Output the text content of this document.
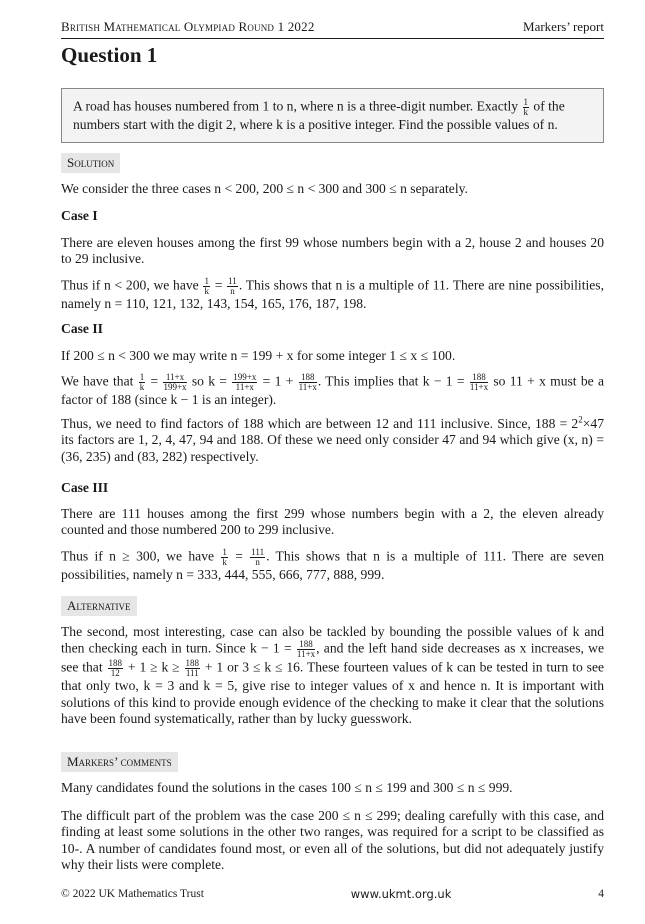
British Mathematical Olympiad Round 1 2022	Markers’ report
Question 1
A road has houses numbered from 1 to n, where n is a three-digit number. Exactly $\frac{1}{k}$ of the numbers start with the digit 2, where k is a positive integer. Find the possible values of n.
Solution
We consider the three cases n < 200, 200 ≤ n < 300 and 300 ≤ n separately.
Case I
There are eleven houses among the first 99 whose numbers begin with a 2, house 2 and houses 20 to 29 inclusive.
Thus if n < 200, we have $\frac{1}{k} = \frac{11}{n}$ . This shows that n is a multiple of 11. There are nine possibilities, namely n = 110, 121, 132, 143, 154, 165, 176, 187, 198.
Case II
If 200 ≤ n < 300 we may write n = 199 + x for some integer 1 ≤ x ≤ 100.
We have that $\frac{1}{k} = \frac{11+x}{199+x}$ so $k = \frac{199+x}{11+x} = 1 + \frac{188}{11+x}$ . This implies that $k - 1 = \frac{188}{11+x}$ so 11 + x must be a factor of 188 (since k − 1 is an integer).
Thus, we need to find factors of 188 which are between 12 and 111 inclusive. Since, $188 = 2^2\times 47$ its factors are 1, 2, 4, 47, 94 and 188. Of these we need only consider 47 and 94 which give (x, n) = (36, 235) and (83, 282) respectively.
Case III
There are 111 houses among the first 299 whose numbers begin with a 2, the eleven already counted and those numbered 200 to 299 inclusive.
Thus if n ≥ 300, we have $\frac{1}{k} = \frac{111}{n}$ . This shows that n is a multiple of 111. There are seven possibilities, namely n = 333, 444, 555, 666, 777, 888, 999.
Alternative
The second, most interesting, case can also be tackled by bounding the possible values of k and then checking each in turn. Since $k - 1 = \frac{188}{11+x}$ , and the left hand side decreases as x increases, we see that $\frac{188}{12} + 1 \ge k \ge \frac{188}{111} + 1$ or 3 ≤ k ≤ 16. These fourteen values of k can be tested in turn to see that only two, k = 3 and k = 5, give rise to integer values of x and hence n. It is important with solutions of this kind to provide enough evidence of the checking to make it clear that the solutions have been found systematically, rather than by lucky guesswork.
Markers’ comments
Many candidates found the solutions in the cases 100 ≤ n ≤ 199 and 300 ≤ n ≤ 999.
The difficult part of the problem was the case 200 ≤ n ≤ 299; dealing carefully with this case, and finding at least some solutions in the other two ranges, was required for a script to be classified as 10-. A number of candidates found most, or even all of the solutions, but did not adequately justify why their lists were complete.
© 2022 UK Mathematics Trust	www.ukmt.org.uk	4
